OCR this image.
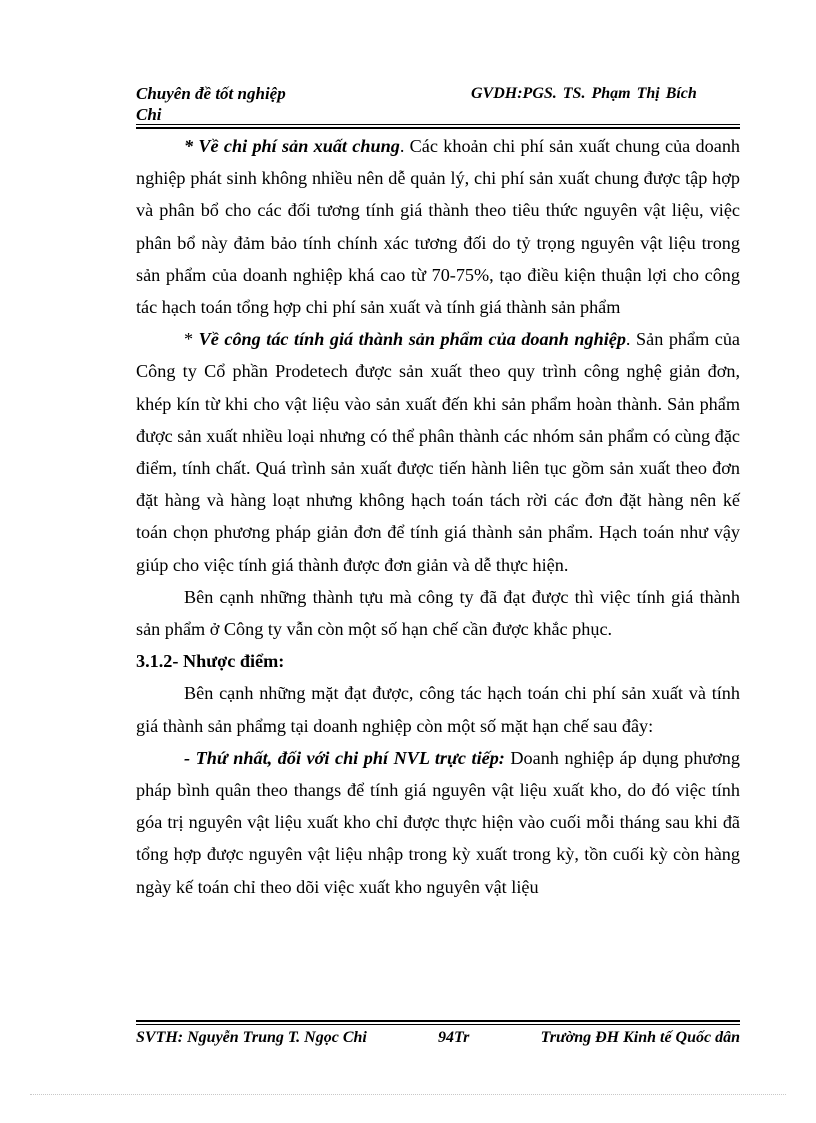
Chuyên đề tốt nghiệp	GVDH:PGS. TS. Phạm Thị Bích
Chi

* Về chi phí sản xuất chung. Các khoản chi phí sản xuất chung của doanh nghiệp phát sinh không nhiều nên dễ quản lý, chi phí sản xuất chung được tập hợp và phân bổ cho các đối tương tính giá thành theo tiêu thức nguyên vật liệu, việc phân bổ này đảm bảo tính chính xác tương đối do tỷ trọng nguyên vật liệu trong sản phẩm của doanh nghiệp khá cao từ 70-75%, tạo điều kiện thuận lợi cho công tác hạch toán tổng hợp chi phí sản xuất và tính giá thành sản phẩm

* Về công tác tính giá thành sản phẩm của doanh nghiệp. Sản phẩm của Công ty Cổ phần Prodetech được sản xuất theo quy trình công nghệ giản đơn, khép kín từ khi cho vật liệu vào sản xuất đến khi sản phẩm hoàn thành. Sản phẩm được sản xuất nhiều loại nhưng có thể phân thành các nhóm sản phẩm có cùng đặc điểm, tính chất. Quá trình sản xuất được tiến hành liên tục gồm sản xuất theo đơn đặt hàng và hàng loạt nhưng không hạch toán tách rời các đơn đặt hàng nên kế toán chọn phương pháp giản đơn để tính giá thành sản phẩm. Hạch toán như vậy giúp cho việc tính giá thành được đơn giản và dễ thực hiện.

Bên cạnh những thành tựu mà công ty đã đạt được thì việc tính giá thành sản phẩm ở Công ty vẫn còn một số hạn chế cần được khắc phục.

3.1.2- Nhược điểm:

Bên cạnh những mặt đạt được, công tác hạch toán chi phí sản xuất và tính giá thành sản phẩmg tại doanh nghiệp còn một số mặt hạn chế sau đây:

- Thứ nhất, đối với chi phí NVL trực tiếp: Doanh nghiệp áp dụng phương pháp bình quân theo thangs để tính giá nguyên vật liệu xuất kho, do đó việc tính góa trị nguyên vật liệu xuất kho chỉ được thực hiện vào cuối mỗi tháng sau khi đã tổng hợp được nguyên vật liệu nhập trong kỳ xuất trong kỳ, tồn cuối kỳ còn hàng ngày kế toán chỉ theo dõi việc xuất kho nguyên vật liệu

SVTH: Nguyễn Trung T. Ngọc Chi	94Tr	Trường ĐH Kinh tế Quốc dân
